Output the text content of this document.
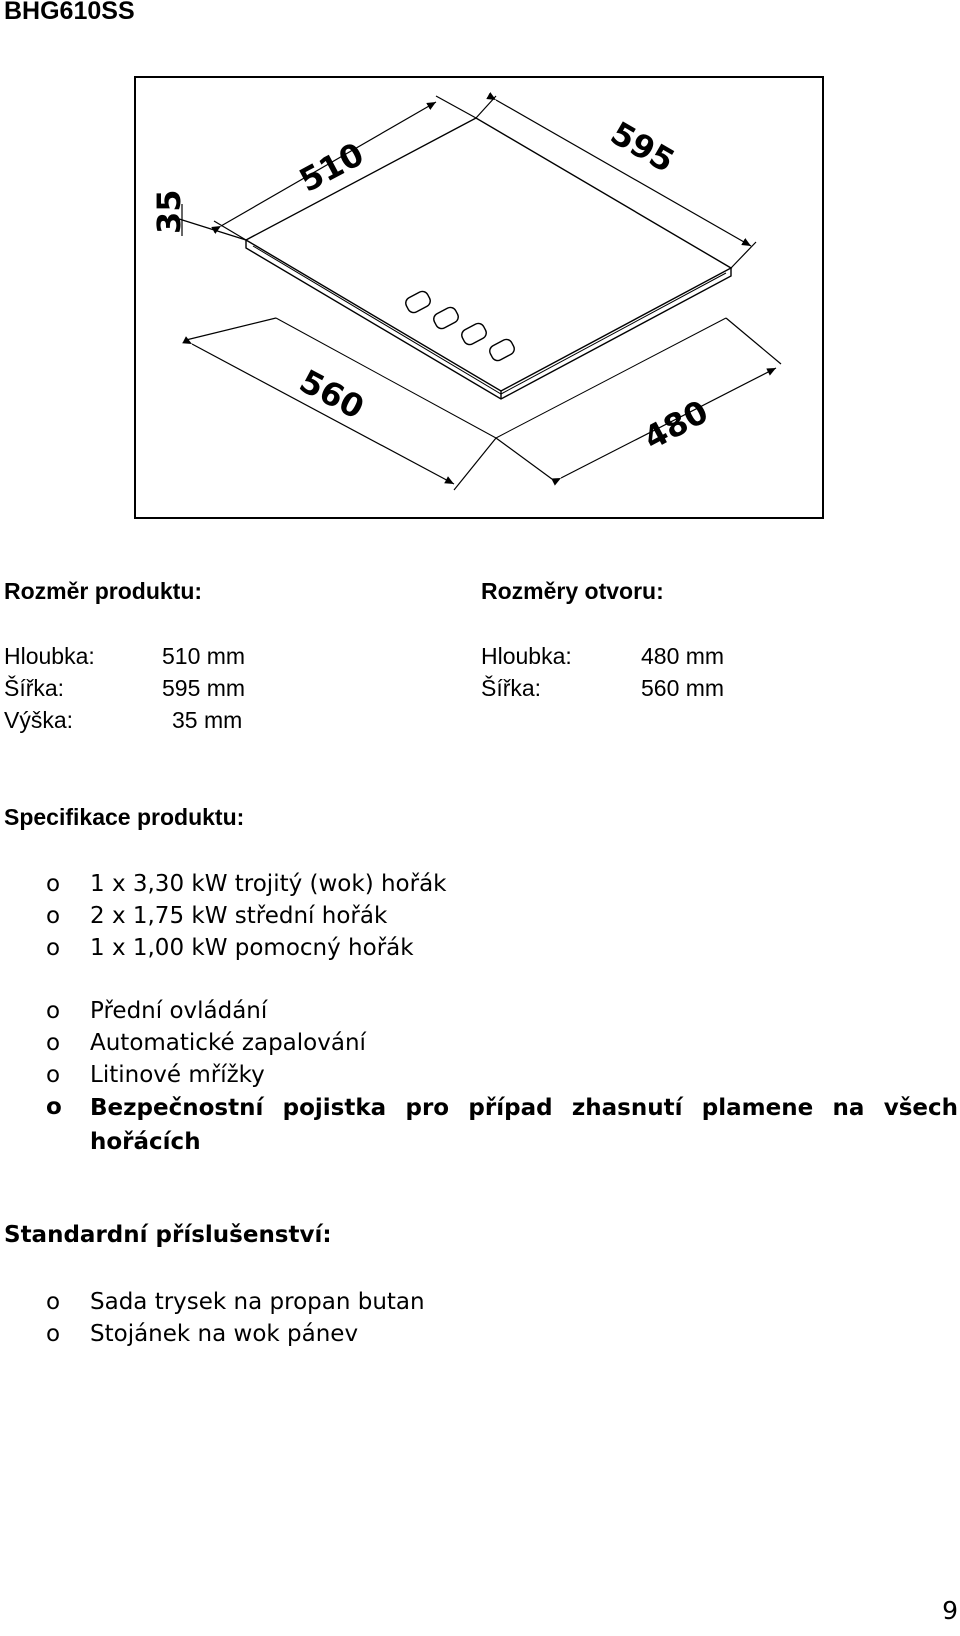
BHG610SS
510	595
35
560	480
Rozměr produktu:
Hloubka:	510 mm
Šířka:	595 mm
Výška:	35 mm
Rozměry otvoru:
Hloubka:	480 mm
Šířka:	560 mm
Specifikace produktu:
o 1 x 3,30 kW trojitý (wok) hořák
o 2 x 1,75 kW střední hořák
o 1 x 1,00 kW pomocný hořák
o Přední ovládání
o Automatické zapalování
o Litinové mřížky
o Bezpečnostní pojistka pro případ zhasnutí plamene na všech hořácích
Standardní příslušenství:
o Sada trysek na propan butan
o Stojánek na wok pánev
9
